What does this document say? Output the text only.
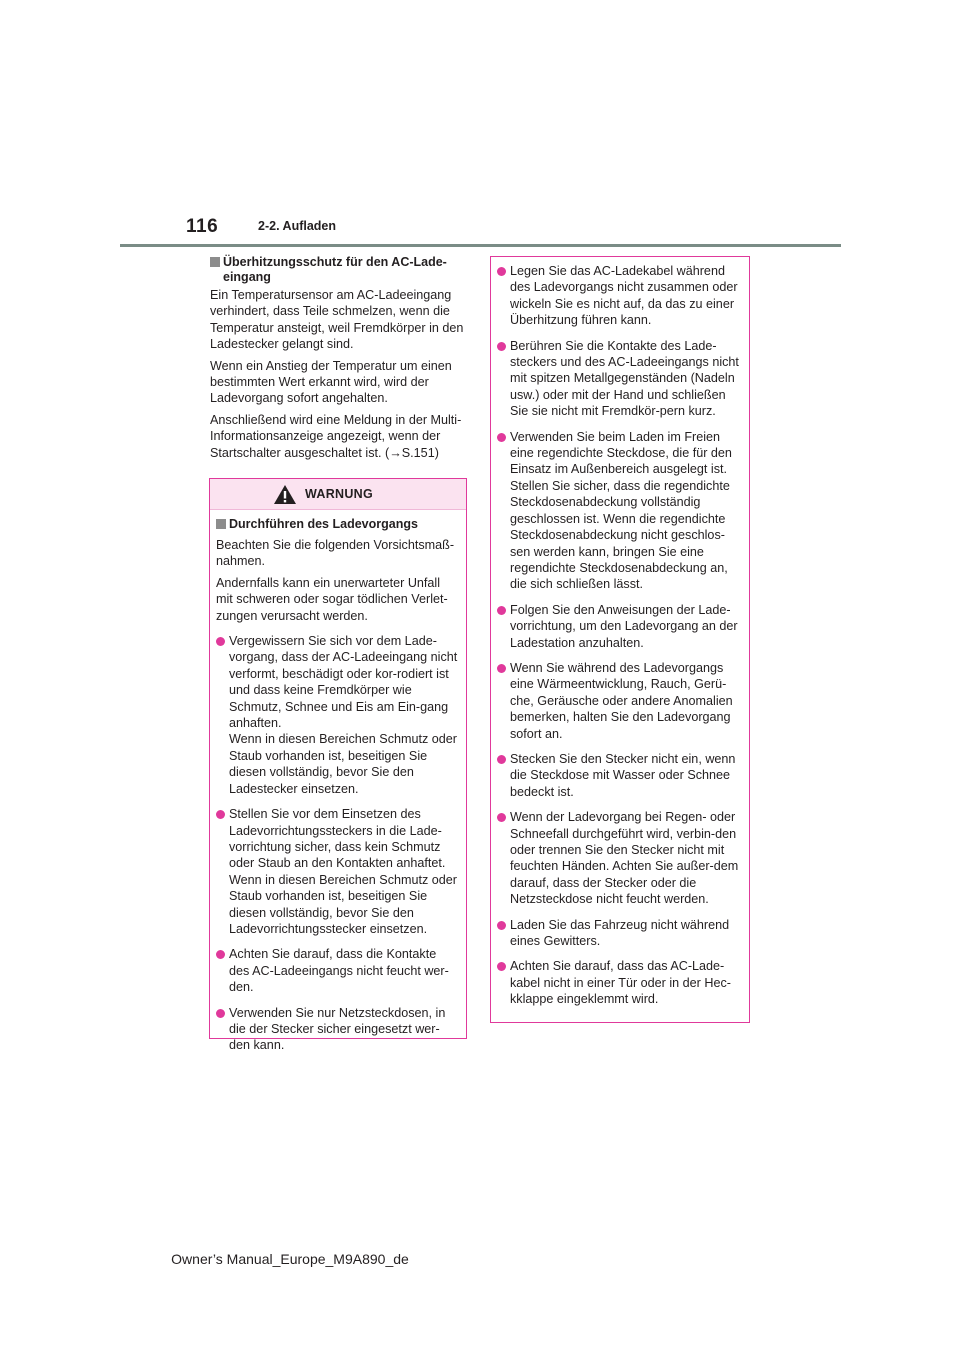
116	2-2. Aufladen
Überhitzungsschutz für den AC-Lade-
eingang
Ein Temperatursensor am AC-Ladeeingang verhindert, dass Teile schmelzen, wenn die Temperatur ansteigt, weil Fremdkörper in den Ladestecker gelangt sind.
Wenn ein Anstieg der Temperatur um einen bestimmten Wert erkannt wird, wird der Ladevorgang sofort angehalten.
Anschließend wird eine Meldung in der Multi-Informationsanzeige angezeigt, wenn der Startschalter ausgeschaltet ist. (→S.151)
WARNUNG
Durchführen des Ladevorgangs
Beachten Sie die folgenden Vorsichtsmaß-nahmen.
Andernfalls kann ein unerwarteter Unfall mit schweren oder sogar tödlichen Verlet-zungen verursacht werden.
Vergewissern Sie sich vor dem Lade-vorgang, dass der AC-Ladeeingang nicht verformt, beschädigt oder kor-rodiert ist und dass keine Fremdkörper wie Schmutz, Schnee und Eis am Ein-gang anhaften.
Wenn in diesen Bereichen Schmutz oder Staub vorhanden ist, beseitigen Sie diesen vollständig, bevor Sie den Ladestecker einsetzen.
Stellen Sie vor dem Einsetzen des Ladevorrichtungssteckers in die Lade-vorrichtung sicher, dass kein Schmutz oder Staub an den Kontakten anhaftet.
Wenn in diesen Bereichen Schmutz oder Staub vorhanden ist, beseitigen Sie diesen vollständig, bevor Sie den Ladevorrichtungsstecker einsetzen.
Achten Sie darauf, dass die Kontakte des AC-Ladeeingangs nicht feucht wer-den.
Verwenden Sie nur Netzsteckdosen, in die der Stecker sicher eingesetzt wer-den kann.
Legen Sie das AC-Ladekabel während des Ladevorgangs nicht zusammen oder wickeln Sie es nicht auf, da das zu einer Überhitzung führen kann.
Berühren Sie die Kontakte des Lade-steckers und des AC-Ladeeingangs nicht mit spitzen Metallgegenständen (Nadeln usw.) oder mit der Hand und schließen Sie sie nicht mit Fremdkör-pern kurz.
Verwenden Sie beim Laden im Freien eine regendichte Steckdose, die für den Einsatz im Außenbereich ausgelegt ist. Stellen Sie sicher, dass die regendichte Steckdosenabdeckung vollständig geschlossen ist. Wenn die regendichte Steckdosenabdeckung nicht geschlos-sen werden kann, bringen Sie eine regendichte Steckdosenabdeckung an, die sich schließen lässt.
Folgen Sie den Anweisungen der Lade-vorrichtung, um den Ladevorgang an der Ladestation anzuhalten.
Wenn Sie während des Ladevorgangs eine Wärmeentwicklung, Rauch, Gerü-che, Geräusche oder andere Anomalien bemerken, halten Sie den Ladevorgang sofort an.
Stecken Sie den Stecker nicht ein, wenn die Steckdose mit Wasser oder Schnee bedeckt ist.
Wenn der Ladevorgang bei Regen- oder Schneefall durchgeführt wird, verbin-den oder trennen Sie den Stecker nicht mit feuchten Händen. Achten Sie außer-dem darauf, dass der Stecker oder die Netzsteckdose nicht feucht werden.
Laden Sie das Fahrzeug nicht während eines Gewitters.
Achten Sie darauf, dass das AC-Lade-kabel nicht in einer Tür oder in der Hec-kklappe eingeklemmt wird.
Owner’s Manual_Europe_M9A890_de
